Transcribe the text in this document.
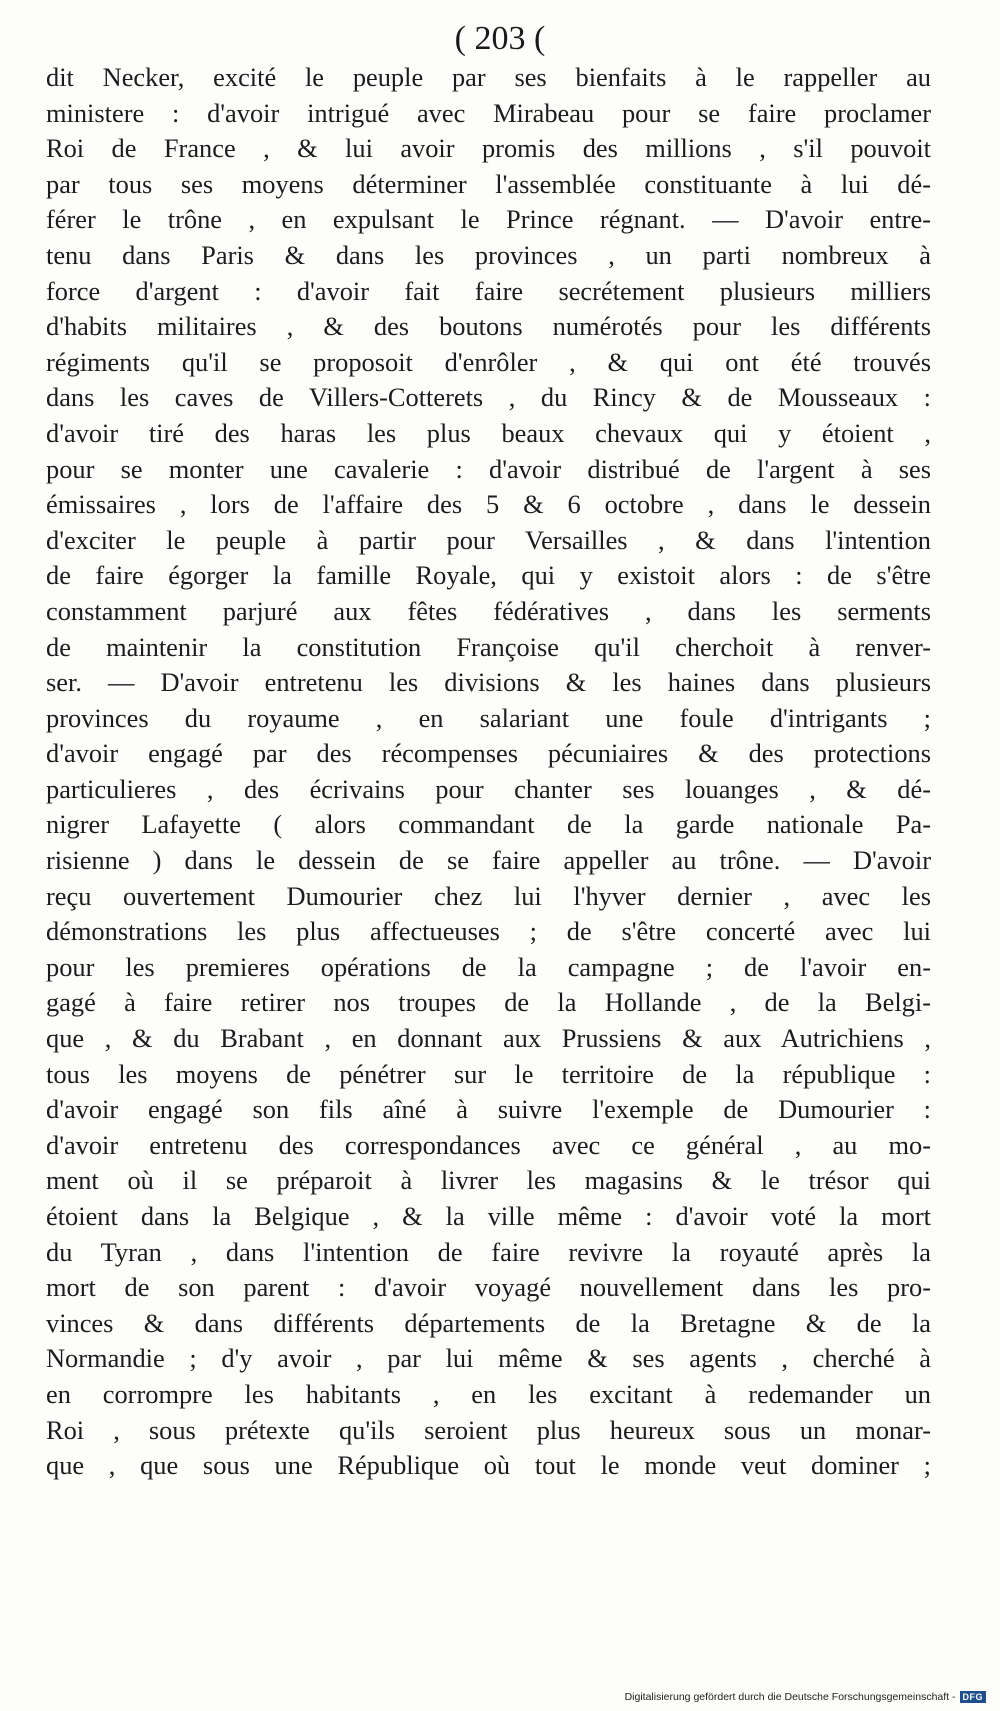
( 203 (
dit Necker, excité le peuple par ses bienfaits à le rappeller au
ministere : d'avoir intrigué avec Mirabeau pour se faire proclamer
Roi de France , & lui avoir promis des millions , s'il pouvoit
par tous ses moyens déterminer l'assemblée constituante à lui dé-
férer le trône , en expulsant le Prince régnant. — D'avoir entre-
tenu dans Paris & dans les provinces , un parti nombreux à
force d'argent : d'avoir fait faire secrétement plusieurs milliers
d'habits militaires , & des boutons numérotés pour les différents
régiments qu'il se proposoit d'enrôler , & qui ont été trouvés
dans les caves de Villers-Cotterets , du Rincy & de Mousseaux :
d'avoir tiré des haras les plus beaux chevaux qui y étoient ,
pour se monter une cavalerie : d'avoir distribué de l'argent à ses
émissaires , lors de l'affaire des 5 & 6 octobre , dans le dessein
d'exciter le peuple à partir pour Versailles , & dans l'intention
de faire égorger la famille Royale, qui y existoit alors : de s'être
constamment parjuré aux fêtes fédératives , dans les serments
de maintenir la constitution Françoise qu'il cherchoit à renver-
ser. — D'avoir entretenu les divisions & les haines dans plusieurs
provinces du royaume , en salariant une foule d'intrigants ;
d'avoir engagé par des récompenses pécuniaires & des protections
particulieres , des écrivains pour chanter ses louanges , & dé-
nigrer Lafayette ( alors commandant de la garde nationale Pa-
risienne ) dans le dessein de se faire appeller au trône. — D'avoir
reçu ouvertement Dumourier chez lui l'hyver dernier , avec les
démonstrations les plus affectueuses ; de s'être concerté avec lui
pour les premieres opérations de la campagne ; de l'avoir en-
gagé à faire retirer nos troupes de la Hollande , de la Belgi-
que , & du Brabant , en donnant aux Prussiens & aux Autrichiens ,
tous les moyens de pénétrer sur le territoire de la république :
d'avoir engagé son fils aîné à suivre l'exemple de Dumourier :
d'avoir entretenu des correspondances avec ce général , au mo-
ment où il se préparoit à livrer les magasins & le trésor qui
étoient dans la Belgique , & la ville même : d'avoir voté la mort
du Tyran , dans l'intention de faire revivre la royauté après la
mort de son parent : d'avoir voyagé nouvellement dans les pro-
vinces & dans différents départements de la Bretagne & de la
Normandie ; d'y avoir , par lui même & ses agents , cherché à
en corrompre les habitants , en les excitant à redemander un
Roi , sous prétexte qu'ils seroient plus heureux sous un monar-
que , que sous une République où tout le monde veut dominer ;
Digitalisierung gefördert durch die Deutsche Forschungsgemeinschaft - DFG
